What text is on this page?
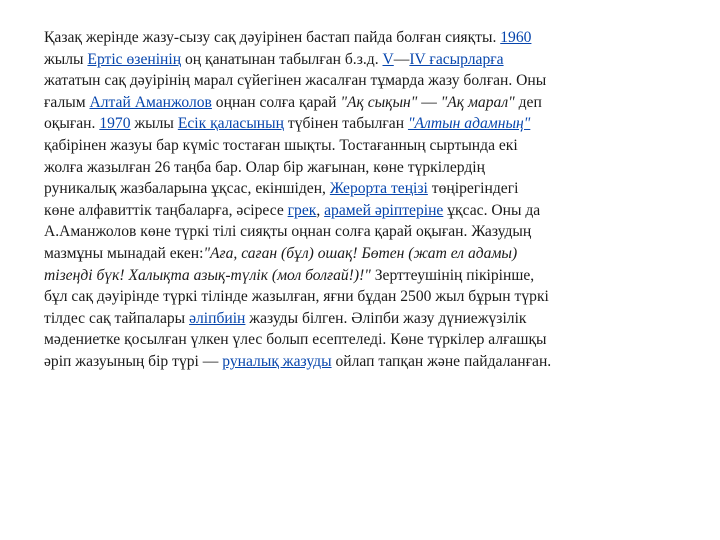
Қазақ жерінде жазу-сызу сақ дәуірінен бастап пайда болған сияқты. 1960
жылы Ертіс өзенінің оң қанатынан табылған б.з.д. V—IV ғасырларға
жататын сақ дәуірінің марал сүйегінен жасалған тұмарда жазу болған. Оны
ғалым Алтай Аманжолов оңнан солға қарай "Ақ сықын" — "Ақ марал" деп
оқыған. 1970 жылы Есік қаласының түбінен табылған "Алтын адамның"
қабірінен жазуы бар күміс тостаған шықты. Тостағанның сыртында екі
жолға жазылған 26 таңба бар. Олар бір жағынан, көне түркілердің
руникалық жазбаларына ұқсас, екіншіден, Жерорта теңізі төңірегіндегі
көне алфавиттік таңбаларға, әсіресе грек, арамей әріптеріне ұқсас. Оны да
А.Аманжолов көне түркі тілі сияқты оңнан солға қарай оқыған. Жазудың
мазмұны мынадай екен:"Аға, саған (бұл) ошақ! Бөтен (жат ел адамы)
тізеңді бүк! Халықта азық-түлік (мол болғай!)!" Зерттеушінің пікірінше,
бұл сақ дәуірінде түркі тілінде жазылған, яғни бұдан 2500 жыл бұрын түркі
тілдес сақ тайпалары әліпбиін жазуды білген. Әліпби жазу дүниежүзілік
мәдениетке қосылған үлкен үлес болып есептеледі. Көне түркілер алғашқы
әріп жазуының бір түрі — руналық жазуды ойлап тапқан және пайдаланған.
